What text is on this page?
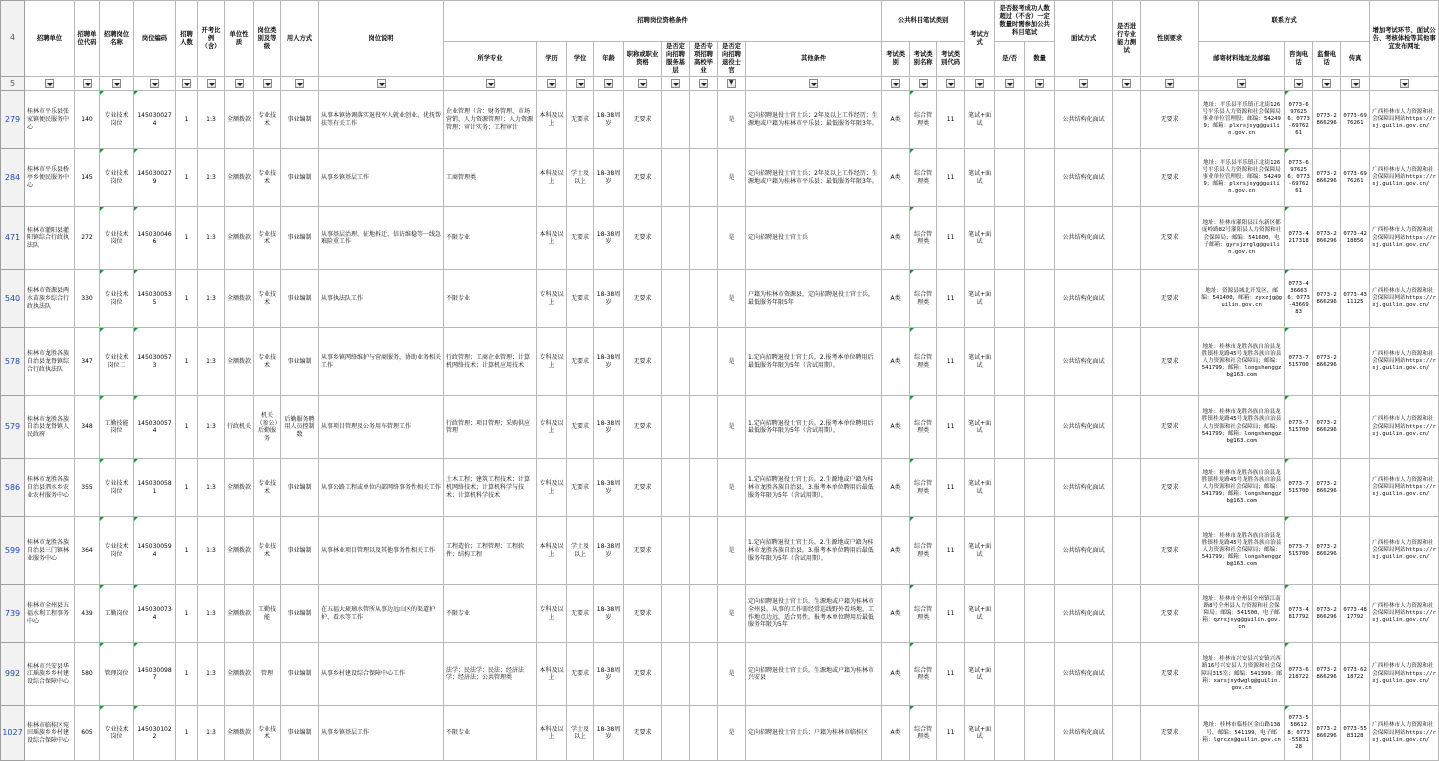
4	招聘单位	招聘单位代码	招聘岗位名称	岗位编码	招聘人数	开考比例（含）	单位性质	岗位类别及等级	用人方式	岗位说明	招聘岗位资格条件									公共科目笔试类别			考试方式	是否报考成功人数超过（不含）一定数量时需参加公共科目笔试		面试方式	是否进行专业能力测试	性别要求	联系方式				增加考试环节、面试公告、考核体检等其他事宜发布网址
											所学专业	学历	学位	年龄	职称或职业资格	是否定向招聘服务基层	是否专项招聘高校毕业	是否定向招聘退役士官	其他条件	考试类别	考试类别名称	考试类别代码		是/否	数量				邮寄材料地址及邮编	咨询电话	监督电话	传真	
5	

▼

279	桂林市平乐县张家镇便民服务中心	140	专业技术岗位	1450300274	1	1:3	全额拨款	专业技术	事业编制	从事本镇协调落实退役军人就业创业、优抚帮扶等有关工作	企业管理（含：财务管理、市场营销、人力资源管理）；人力资源管理；审计实务；工程审计	本科及以上	无要求	18-38周岁	无要求			是	定向招聘退役士官士兵；2年及以上工作经历；生源地或户籍为桂林市平乐县；最低服务年限3年。	A类	综合管理类	11	笔试+面试			公共结构化面试		无要求	地址：平乐县平乐镇正北街126号平乐县人力资源和社会保障局事业单位管理股；邮编：542499；邮箱：plxrsjsyg@guilin.gov.cn	0773-6976256；0773-6976261	0773-2866296	0773-6976261	广西桂林市人力资源和社会保障局网站https://rsj.guilin.gov.cn/
284	桂林市平乐县桥亭乡便民服务中心	145	专业技术岗位	1450300279	1	1:3	全额拨款	专业技术	事业编制	从事乡镇基层工作	工商管理类	本科及以上	学士及以上	18-38周岁	无要求			是	定向招聘退役士官士兵；2年及以上工作经历；生源地或户籍为桂林市平乐县；最低服务年限3年。	A类	综合管理类	11	笔试+面试			公共结构化面试		无要求	地址：平乐县平乐镇正北街126号平乐县人力资源和社会保障局事业单位管理股；邮编：542499；邮箱：plxrsjsyg@guilin.gov.cn	0773-6976256；0773-6976261	0773-2866296	0773-6976261	广西桂林市人力资源和社会保障局网站https://rsj.guilin.gov.cn/
471	桂林市灌阳县灌阳镇综合行政执法队	272	专业技术岗位	1450300466	1	1:3	全额拨款	专业技术	事业编制	从事基层治理、征地拆迁、信访维稳等一线急难险重工作	不限专业	本科及以上	无要求	18-38周岁	无要求			是	定向招聘退役士官士兵	A类	综合管理类	11	笔试+面试			公共结构化面试		无要求	地址：桂林市灌阳县江东新区都庞岭路82号灌阳县人力资源和社会保障局；邮编：541600，电子邮箱：gyrsjzrglg@guilin.gov.cn	0773-4217318	0773-2866296	0773-4218856	广西桂林市人力资源和社会保障局网站https://rsj.guilin.gov.cn/
540	桂林市资源县两水苗族乡综合行政执法队	330	专业技术岗位	1450300535	1	1:3	全额拨款	专业技术	事业编制	从事执法队工作	不限专业	专科及以上	无要求	18-38周岁	无要求			是	户籍为桂林市资源县。定向招聘退役士官士兵，最低服务年限5年	A类	综合管理类	11	笔试+面试			公共结构化面试		无要求	地址：资源县城北开发区，邮编：541400，邮箱：zyxzjg@guilin.gov.cn	0773-4366636；0773-4366983	0773-2866296	0773-4311125	广西桂林市人力资源和社会保障局网站https://rsj.guilin.gov.cn/
578	桂林市龙胜各族自治县龙脊镇综合行政执法队	347	专业技术岗位二	1450300573	1	1:3	全额拨款	专业技术	事业编制	从事乡镇网络维护与营商服务，协助业务相关工作	行政管理；工商企业管理；计算机网络技术；计算机应用技术	专科及以上	无要求	18-38周岁	无要求			是	1.定向招聘退役士官士兵。2.报考本单位聘用后最低服务年限为5年（含试用期）。	A类	综合管理类	11	笔试+面试			公共结构化面试		无要求	地址：桂林市龙胜各族自治县龙胜镇桂龙路45号龙胜各族自治县人力资源和社会保障局；邮编：541799；邮箱：longshenggzb@163.com	0773-7515700	0773-2866296		广西桂林市人力资源和社会保障局网站https://rsj.guilin.gov.cn/
579	桂林市龙胜各族自治县龙脊镇人民政府	348	工勤技能岗位	1450300574	1	1:3	行政机关	机关（参公）后勤服务	后勤服务聘用人员控制数	从事项目管理及公务用车管理工作	行政管理；项目管理；采购供应管理	专科及以上	无要求	18-38周岁	无要求			是	1.定向招聘退役士官士兵。2.报考本单位聘用后最低服务年限为5年（含试用期）。	A类	综合管理类	11	笔试+面试			公共结构化面试		无要求	地址：桂林市龙胜各族自治县龙胜镇桂龙路45号龙胜各族自治县人力资源和社会保障局；邮编：541799；邮箱：longshenggzb@163.com	0773-7515700	0773-2866296		广西桂林市人力资源和社会保障局网站https://rsj.guilin.gov.cn/
586	桂林市龙胜各族自治县泗水乡农业农村服务中心	355	专业技术岗位	1450300581	1	1:3	全额拨款	专业技术	事业编制	从事公路工程或单位内部网络事务性相关工作	土木工程；建筑工程技术；计算机网络技术；计算机科学与技术；计算机科学技术	专科及以上	无要求	18-38周岁	无要求			是	1.定向招聘退役士官士兵。2.生源地或户籍为桂林市龙胜各族自治县。3.报考本单位聘用后最低服务年限为5年（含试用期）。	A类	综合管理类	11	笔试+面试			公共结构化面试		无要求	地址：桂林市龙胜各族自治县龙胜镇桂龙路45号龙胜各族自治县人力资源和社会保障局；邮编：541799；邮箱：longshenggzb@163.com	0773-7515700	0773-2866296		广西桂林市人力资源和社会保障局网站https://rsj.guilin.gov.cn/
599	桂林市龙胜各族自治县三门镇林业服务中心	364	专业技术岗位	1450300594	1	1:3	全额拨款	专业技术	事业编制	从事林业项目管理以及其他事务性相关工作	工程造价；工程管理；工程软件；结构工程	本科及以上	学士及以上	18-38周岁	无要求			是	1.定向招聘退役士官士兵。2.生源地或户籍为桂林市龙胜各族自治县。3.报考本单位聘用后最低服务年限为5年（含试用期）。	A类	综合管理类	11	笔试+面试			公共结构化面试		无要求	地址：桂林市龙胜各族自治县龙胜镇桂龙路45号龙胜各族自治县人力资源和社会保障局；邮编：541799；邮箱：longshenggzb@163.com	0773-7515700	0773-2866296		广西桂林市人力资源和社会保障局网站https://rsj.guilin.gov.cn/
739	桂林市全州县五福水利工程事务中心	439	工勤岗位	1450300734	1	1:3	全额拨款	工勤技能	事业编制	在五福大琉璃水管所从事边远山区的渠道护护、看水等工作	不限专业	专科及以上	无要求	18-38周岁	无要求			是	定向招聘退役士官士兵，生源地或户籍为桂林市全州县。从事的工作需经常巡线野外看场地，工作地点边远，适合男性。报考本单位聘用后最低服务年限为5年	A类	综合管理类	11	笔试+面试			公共结构化面试		无要求	地址：桂林市全州县全州镇江南路8号全州县人力资源和社会保障局；邮编：541500，电子邮箱：qzrsjsyg@guilin.gov.cn	0773-4817792	0773-2866296	0773-4817792	广西桂林市人力资源和社会保障局网站https://rsj.guilin.gov.cn/
992	桂林市兴安县华江瑶族乡乡村建设综合保障中心	580	管理岗位	1450300987	1	1:3	全额拨款	管理	事业编制	从事乡村建设综合保障中心工作	法学；民法学；民法；经济法学；经济法；公共管理类	本科及以上	无要求	18-38周岁	无要求			是	定向招聘退役士官士兵，生源地或户籍为桂林市兴安县	A类	综合管理类	11	笔试+面试			公共结构化面试		无要求	地址：桂林市兴安县兴安镇兴西路16号兴安县人力资源和社会保障局315室；邮编：541399；邮箱：xarsjsydwglg@guilin.gov.cn	0773-6218722	0773-2866296	0773-6218722	广西桂林市人力资源和社会保障局网站https://rsj.guilin.gov.cn/
1027	桂林市临桂区宛田瑶族乡乡村建设综合保障中心	605	专业技术岗位	1450301022	1	1:3	全额拨款	专业技术	事业编制	从事乡镇基层工作	不限专业	本科及以上	学士及以上	18-38周岁	无要求			是	定向招聘退役士官士兵；户籍为桂林市临桂区	A类	综合管理类	11	笔试+面试			公共结构化面试		无要求	地址：桂林市临桂区金山路138号，邮编：541199，电子邮箱：lgrczx@guilin.gov.cn	0773-5586128；0773-5583128	0773-2866296	0773-5583128	广西桂林市人力资源和社会保障局网站https://rsj.guilin.gov.cn/
